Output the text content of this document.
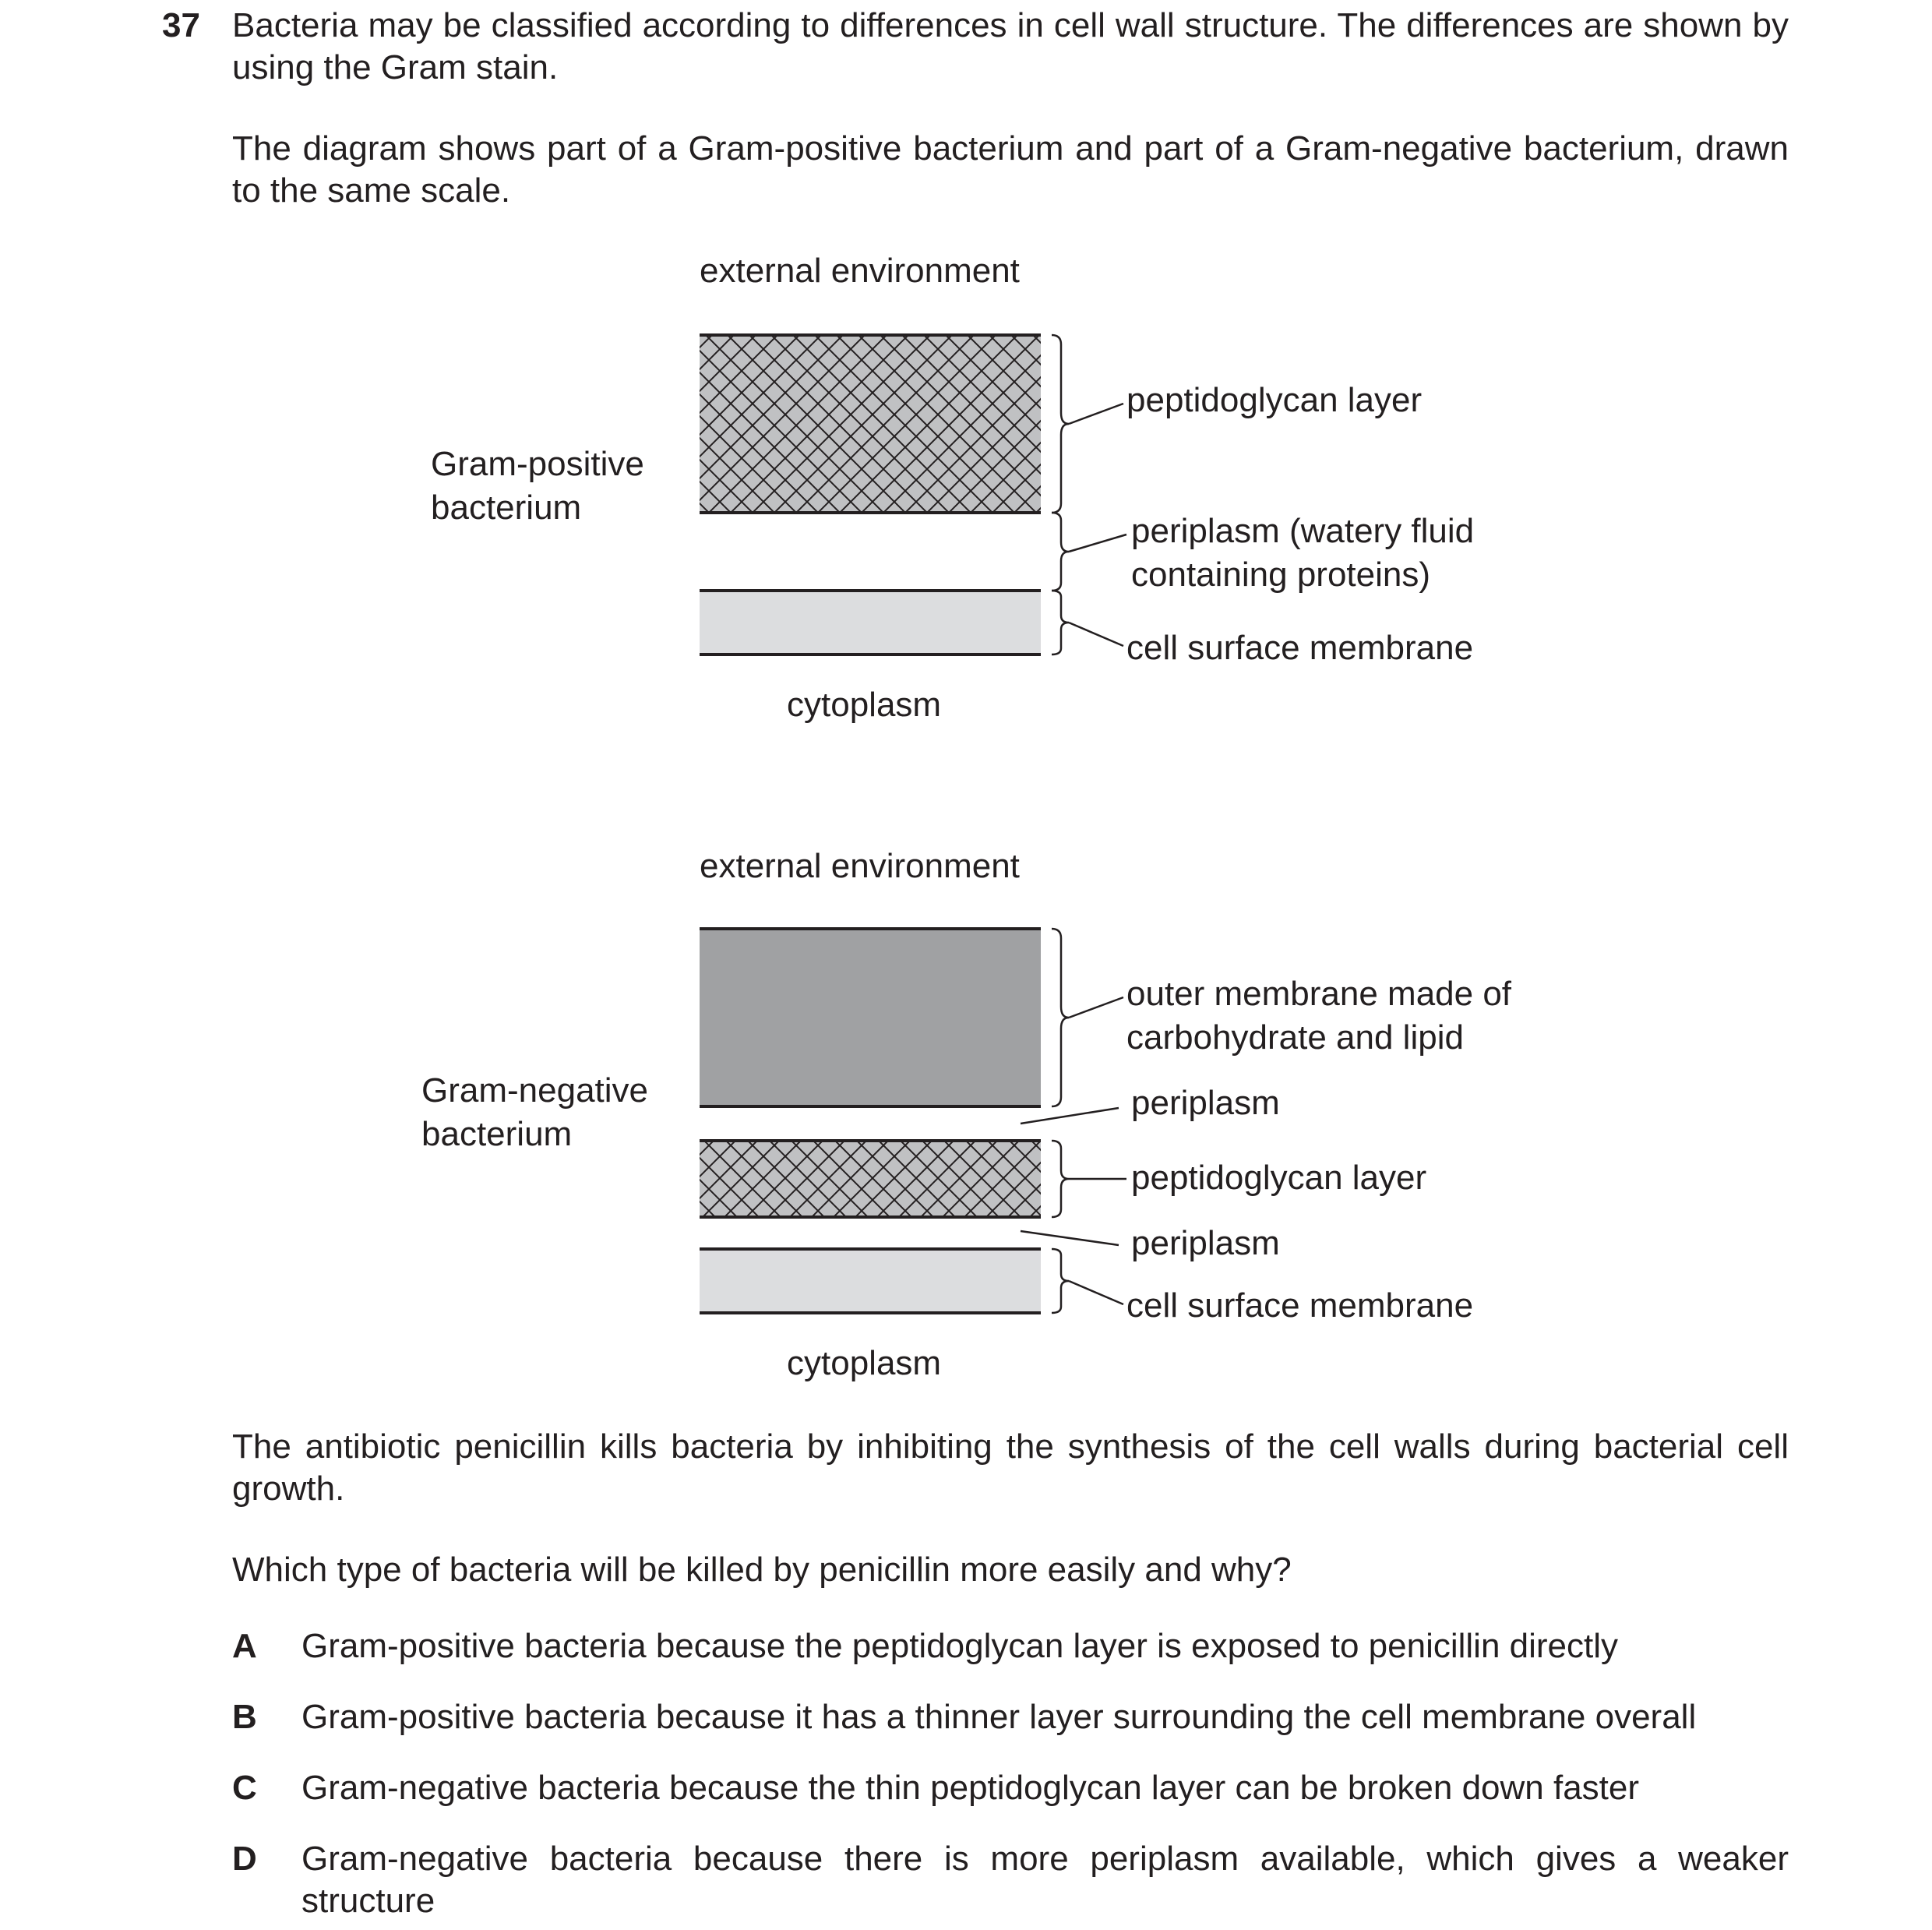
37 Bacteria may be classified according to differences in cell wall structure. The differences are shown by using the Gram stain.
The diagram shows part of a Gram-positive bacterium and part of a Gram-negative bacterium, drawn to the same scale.
external environment
Gram-positive
bacterium
peptidoglycan layer
periplasm (watery fluid
containing proteins)
cell surface membrane
cytoplasm
external environment
Gram-negative
bacterium
outer membrane made of
carbohydrate and lipid
periplasm
peptidoglycan layer
periplasm
cell surface membrane
cytoplasm
The antibiotic penicillin kills bacteria by inhibiting the synthesis of the cell walls during bacterial cell growth.
Which type of bacteria will be killed by penicillin more easily and why?
A Gram-positive bacteria because the peptidoglycan layer is exposed to penicillin directly
B Gram-positive bacteria because it has a thinner layer surrounding the cell membrane overall
C Gram-negative bacteria because the thin peptidoglycan layer can be broken down faster
D Gram-negative bacteria because there is more periplasm available, which gives a weaker structure
